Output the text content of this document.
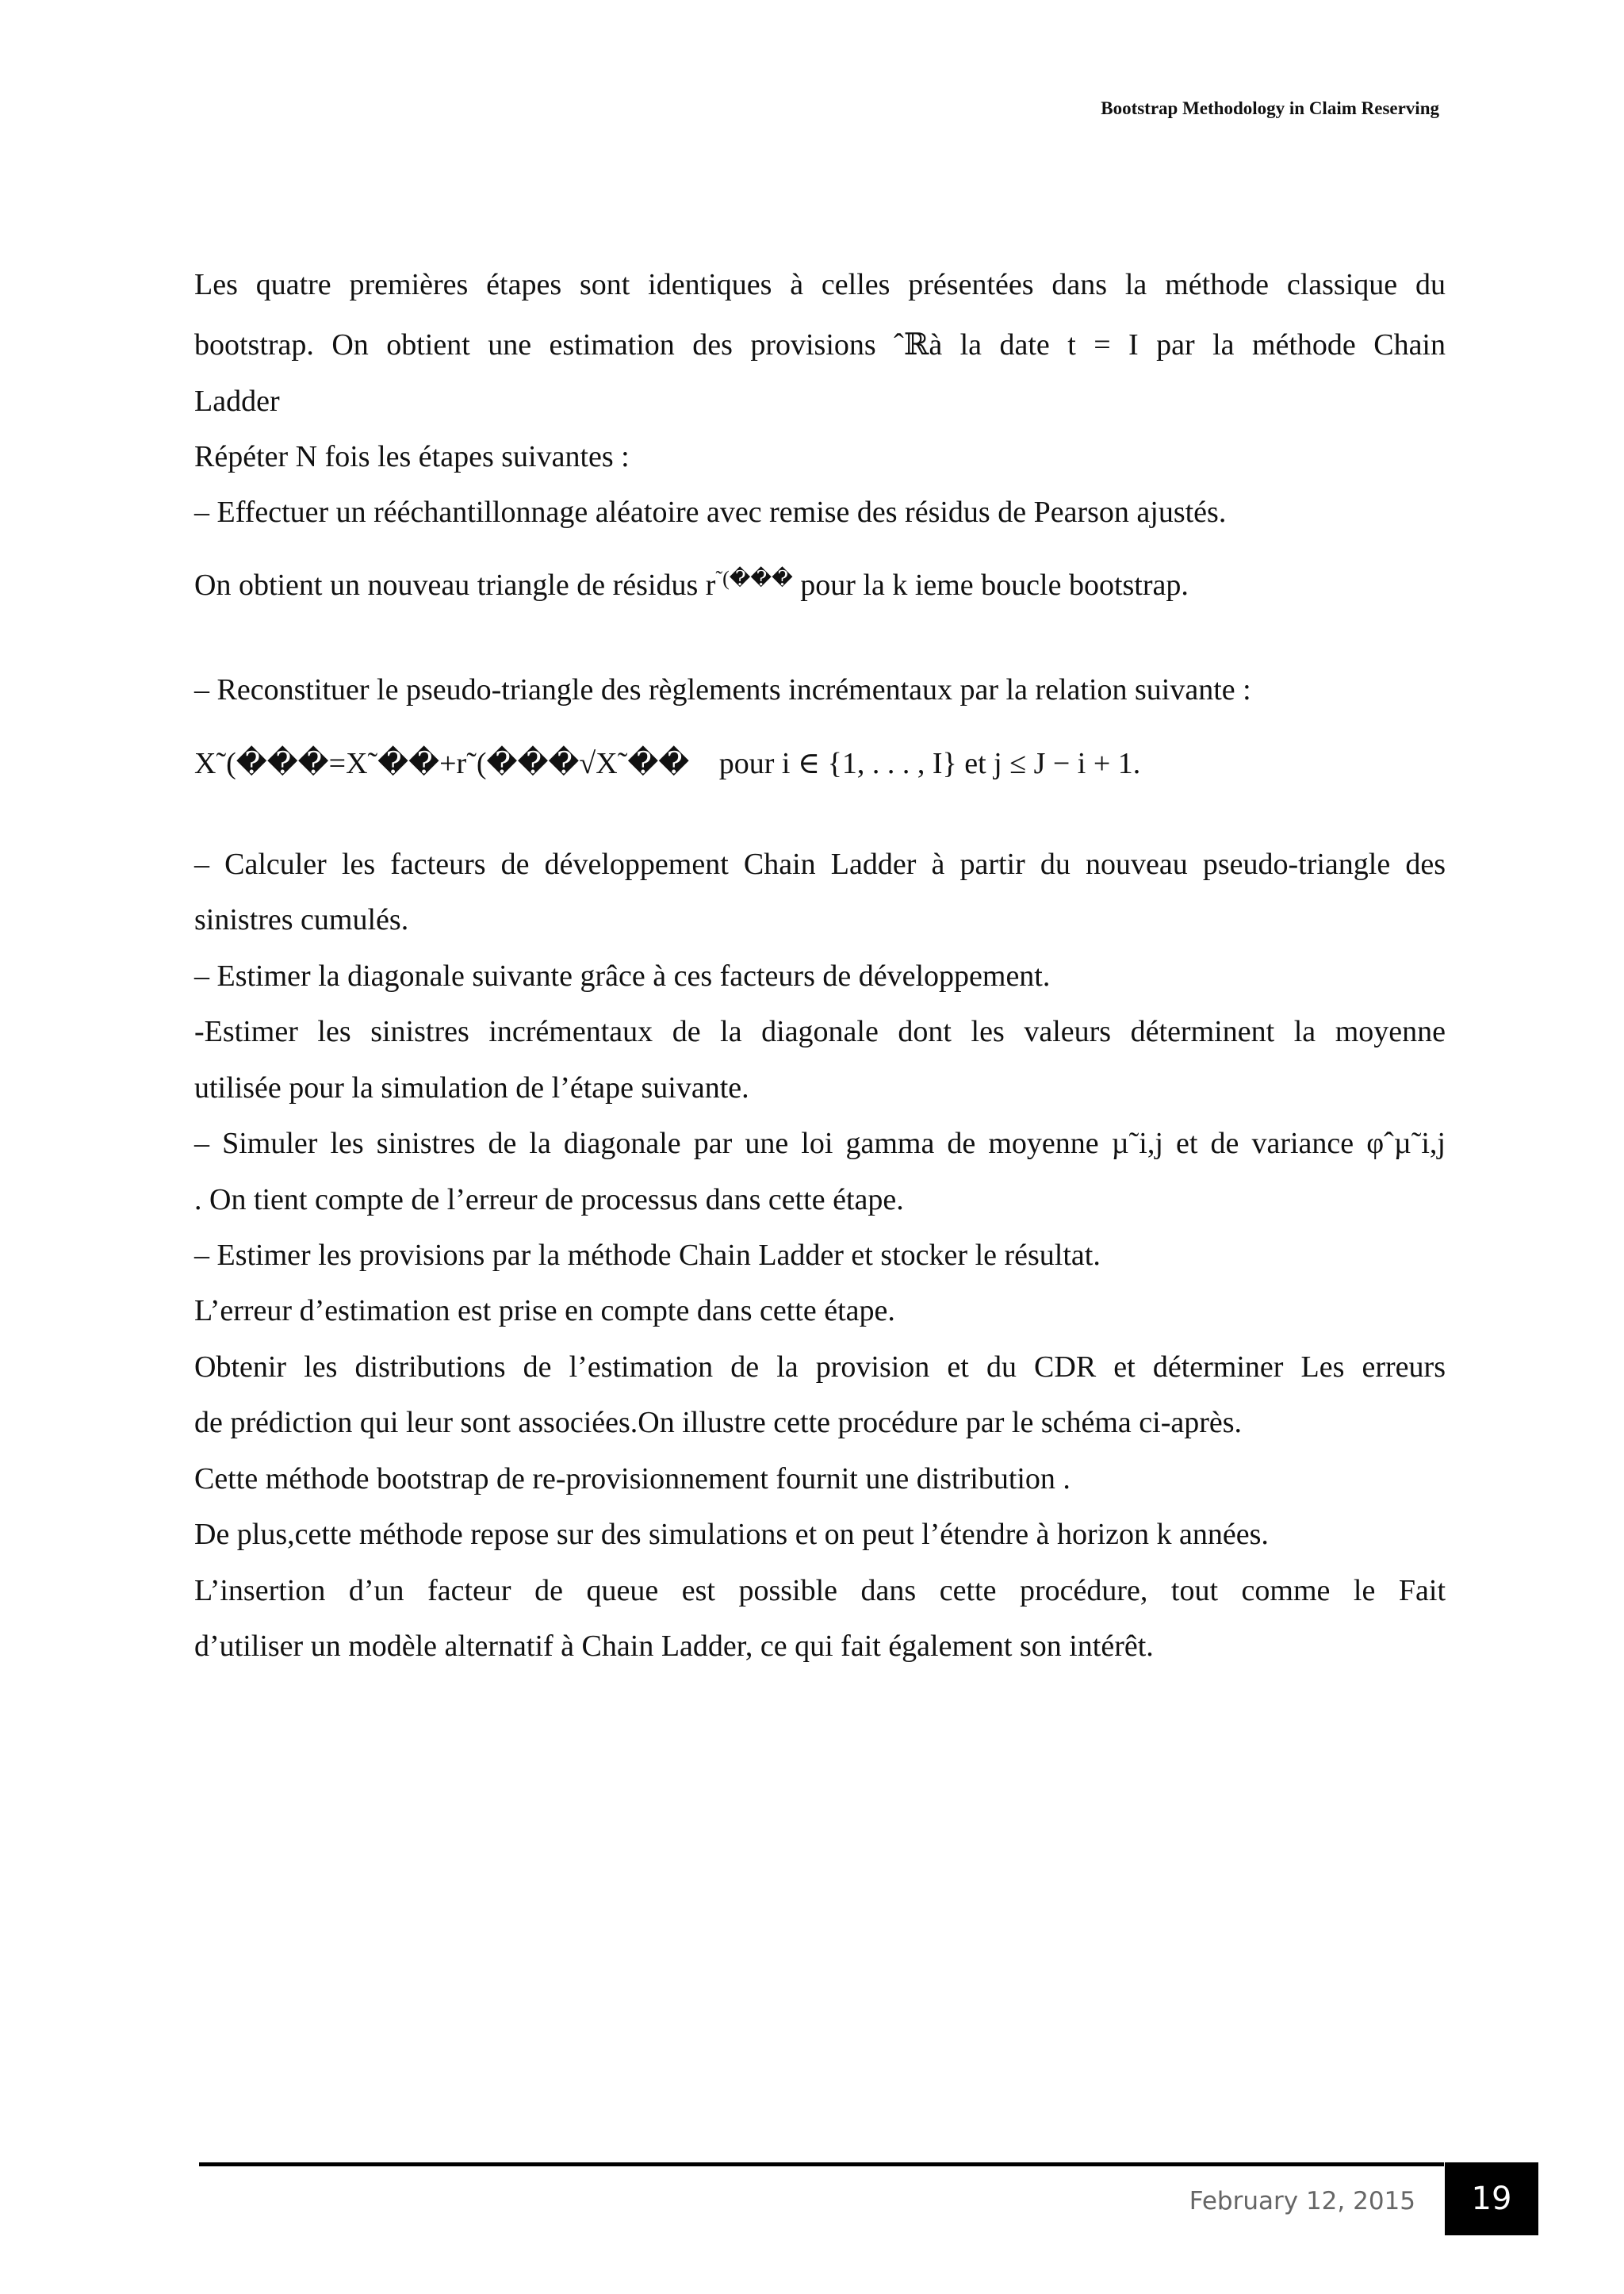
Bootstrap Methodology in Claim Reserving
Les quatre premières étapes sont identiques à celles présentées dans la méthode classique du
bootstrap. On obtient une estimation des provisions ˆℝà la date t = I par la méthode Chain
Ladder
Répéter N fois les étapes suivantes :
– Effectuer un rééchantillonnage aléatoire avec remise des résidus de Pearson ajustés.
On obtient un nouveau triangle de résidus r˜(��� pour la k ieme boucle bootstrap.
– Reconstituer le pseudo-triangle des règlements incrémentaux par la relation suivante :
X˜(���=X˜��+r˜(���√X˜�� pour i ∈ {1, . . . , I} et j ≤ J − i + 1.
– Calculer les facteurs de développement Chain Ladder à partir du nouveau pseudo-triangle des
sinistres cumulés.
– Estimer la diagonale suivante grâce à ces facteurs de développement.
-Estimer les sinistres incrémentaux de la diagonale dont les valeurs déterminent la moyenne
utilisée pour la simulation de l’étape suivante.
– Simuler les sinistres de la diagonale par une loi gamma de moyenne µ˜i,j et de variance φˆµ˜i,j
. On tient compte de l’erreur de processus dans cette étape.
– Estimer les provisions par la méthode Chain Ladder et stocker le résultat.
L’erreur d’estimation est prise en compte dans cette étape.
Obtenir les distributions de l’estimation de la provision et du CDR et déterminer Les erreurs
de prédiction qui leur sont associées.On illustre cette procédure par le schéma ci-après.
Cette méthode bootstrap de re-provisionnement fournit une distribution .
De plus,cette méthode repose sur des simulations et on peut l’étendre à horizon k années.
L’insertion d’un facteur de queue est possible dans cette procédure, tout comme le Fait
d’utiliser un modèle alternatif à Chain Ladder, ce qui fait également son intérêt.
February 12, 2015	19
